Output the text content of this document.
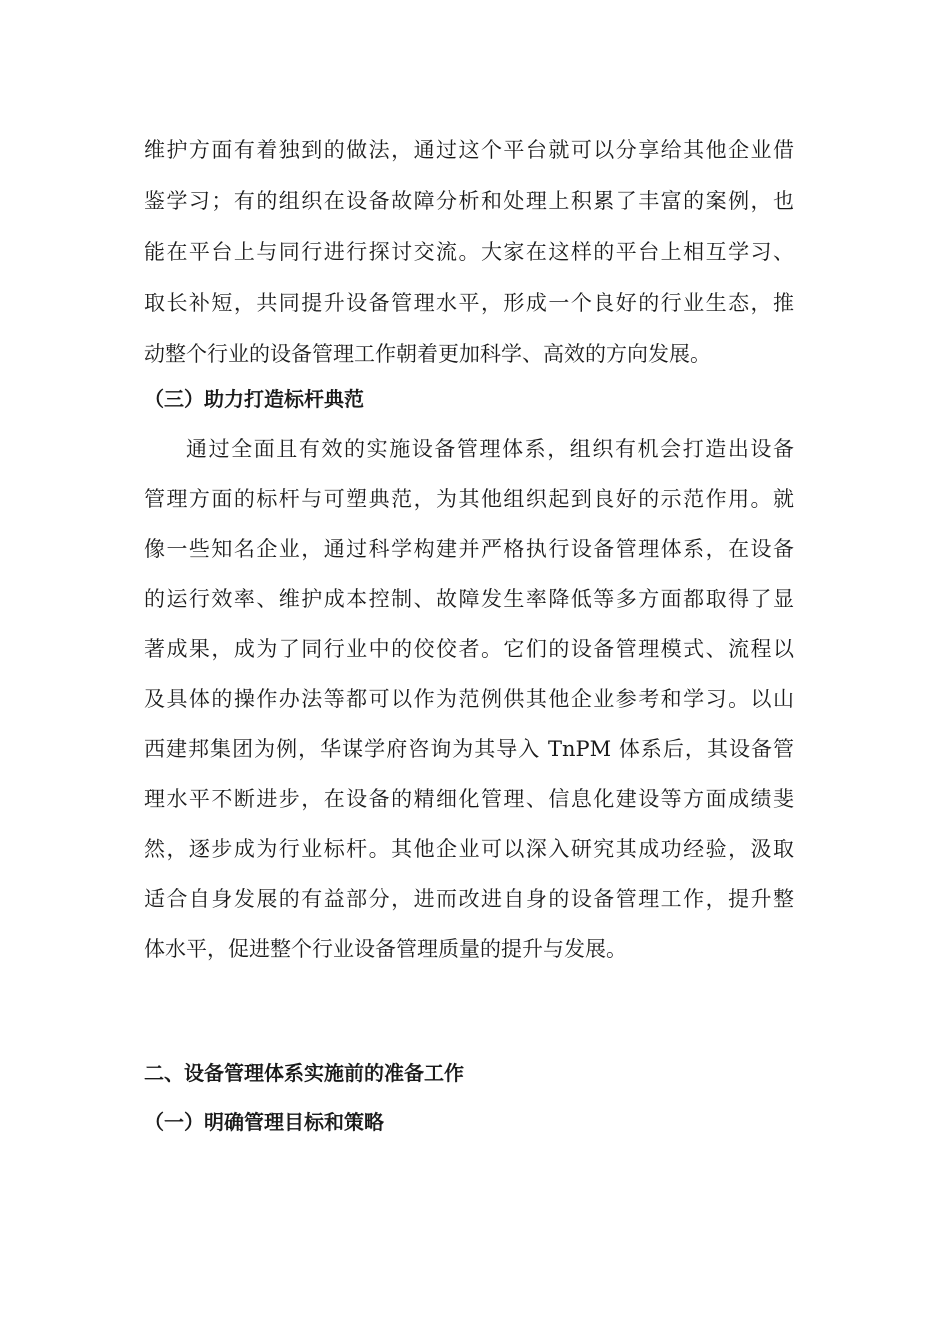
维护方面有着独到的做法，通过这个平台就可以分享给其他企业借
鉴学习；有的组织在设备故障分析和处理上积累了丰富的案例，也
能在平台上与同行进行探讨交流。大家在这样的平台上相互学习、
取长补短，共同提升设备管理水平，形成一个良好的行业生态，推
动整个行业的设备管理工作朝着更加科学、高效的方向发展。
（三）助力打造标杆典范
通过全面且有效的实施设备管理体系，组织有机会打造出设备
管理方面的标杆与可塑典范，为其他组织起到良好的示范作用。就
像一些知名企业，通过科学构建并严格执行设备管理体系，在设备
的运行效率、维护成本控制、故障发生率降低等多方面都取得了显
著成果，成为了同行业中的佼佼者。它们的设备管理模式、流程以
及具体的操作办法等都可以作为范例供其他企业参考和学习。以山
西建邦集团为例，华谋学府咨询为其导入 TnPM 体系后，其设备管
理水平不断进步，在设备的精细化管理、信息化建设等方面成绩斐
然，逐步成为行业标杆。其他企业可以深入研究其成功经验，汲取
适合自身发展的有益部分，进而改进自身的设备管理工作，提升整
体水平，促进整个行业设备管理质量的提升与发展。
二、设备管理体系实施前的准备工作
（一）明确管理目标和策略
